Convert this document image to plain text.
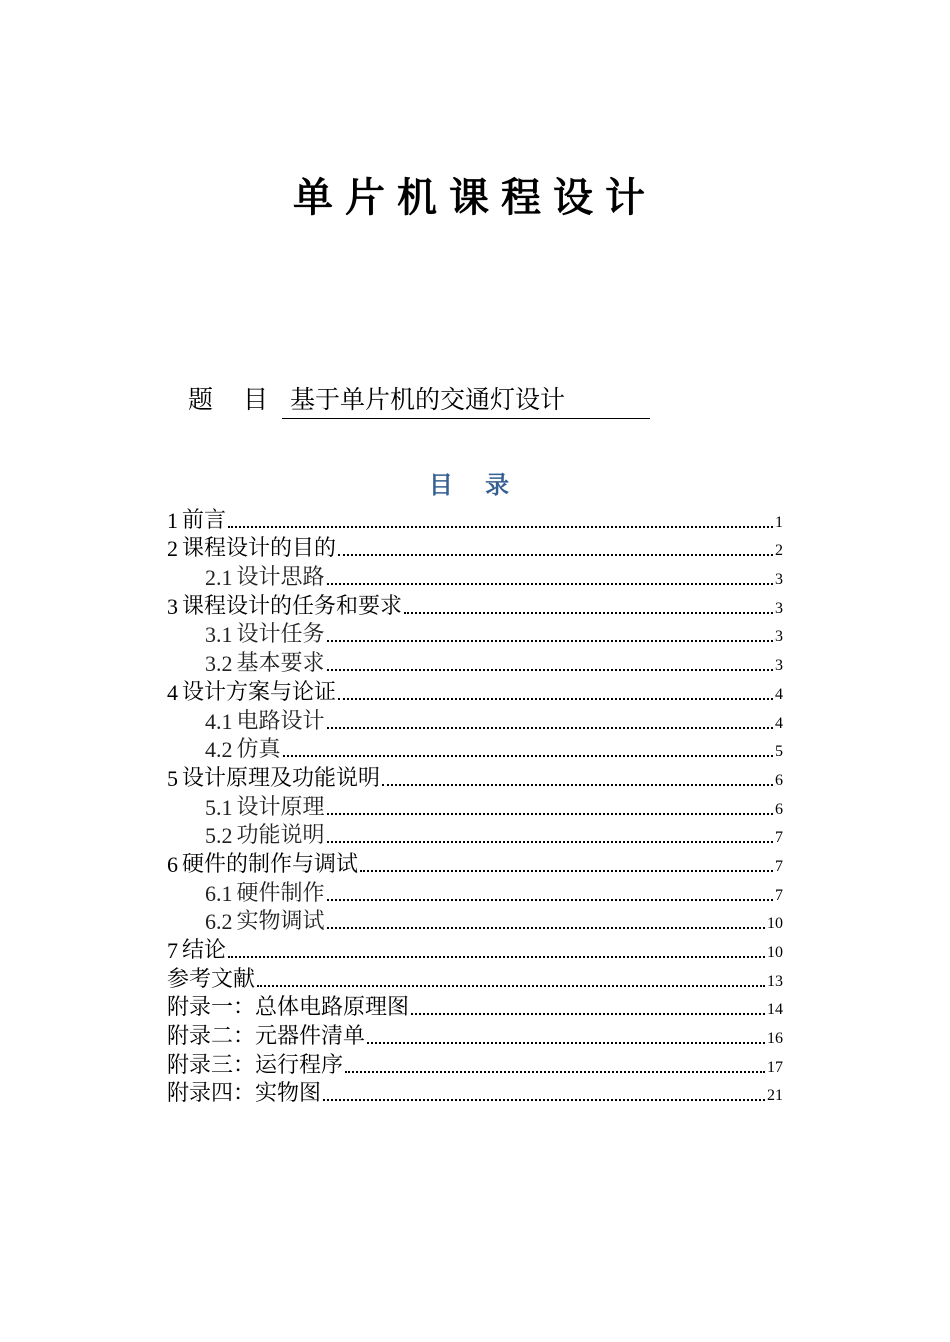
单片机课程设计
题 目 基于单片机的交通灯设计
目 录
1 前言	1
2 课程设计的目的	2
2.1 设计思路	3
3 课程设计的任务和要求	3
3.1 设计任务	3
3.2 基本要求	3
4 设计方案与论证	4
4.1 电路设计	4
4.2 仿真	5
5 设计原理及功能说明	6
5.1 设计原理	6
5.2 功能说明	7
6 硬件的制作与调试	7
6.1 硬件制作	7
6.2 实物调试	10
7 结论	10
参考文献	13
附录一：总体电路原理图	14
附录二：元器件清单	16
附录三：运行程序	17
附录四：实物图	21
